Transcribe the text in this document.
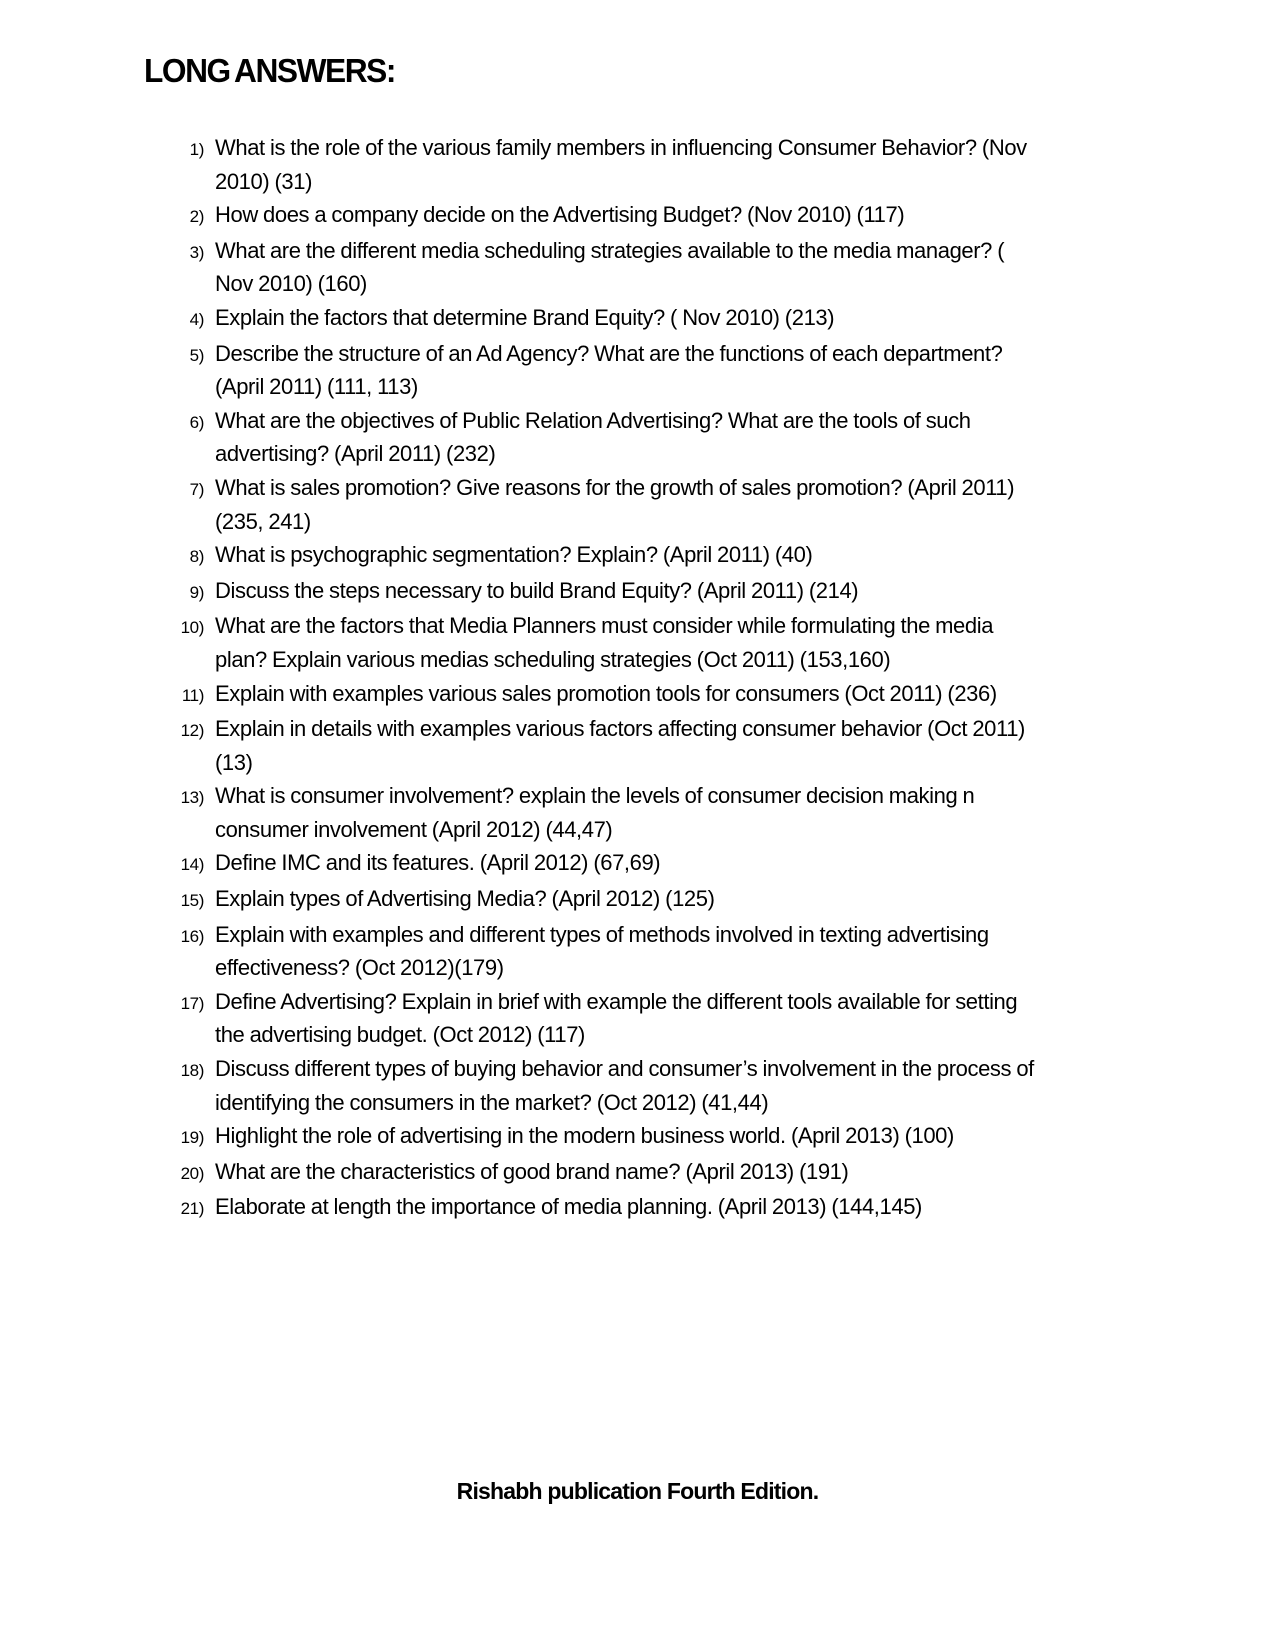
LONG ANSWERS:
1) What is the role of the various family members in influencing Consumer Behavior? (Nov 2010) (31)
2) How does a company decide on the Advertising Budget? (Nov 2010) (117)
3) What are the different media scheduling strategies available to the media manager? ( Nov 2010) (160)
4) Explain the factors that determine Brand Equity? ( Nov 2010) (213)
5) Describe the structure of an Ad Agency? What are the functions of each department? (April 2011) (111, 113)
6) What are the objectives of Public Relation Advertising? What are the tools of such advertising? (April 2011) (232)
7) What is sales promotion? Give reasons for the growth of sales promotion? (April 2011) (235, 241)
8) What is psychographic segmentation? Explain? (April 2011) (40)
9) Discuss the steps necessary to build Brand Equity? (April 2011) (214)
10) What are the factors that Media Planners must consider while formulating the media plan? Explain various medias scheduling strategies (Oct 2011) (153,160)
11) Explain with examples various sales promotion tools for consumers (Oct 2011) (236)
12) Explain in details with examples various factors affecting consumer behavior (Oct 2011) (13)
13) What is consumer involvement? explain the levels of consumer decision making n consumer involvement (April 2012) (44,47)
14) Define IMC and its features. (April 2012) (67,69)
15) Explain types of Advertising Media? (April 2012) (125)
16) Explain with examples and different types of methods involved in texting advertising effectiveness? (Oct 2012)(179)
17) Define Advertising? Explain in brief with example the different tools available for setting the advertising budget. (Oct 2012) (117)
18) Discuss different types of buying behavior and consumer’s involvement in the process of identifying the consumers in the market? (Oct 2012) (41,44)
19) Highlight the role of advertising in the modern business world. (April 2013) (100)
20) What are the characteristics of good brand name? (April 2013) (191)
21) Elaborate at length the importance of media planning. (April 2013) (144,145)
Rishabh publication Fourth Edition.
